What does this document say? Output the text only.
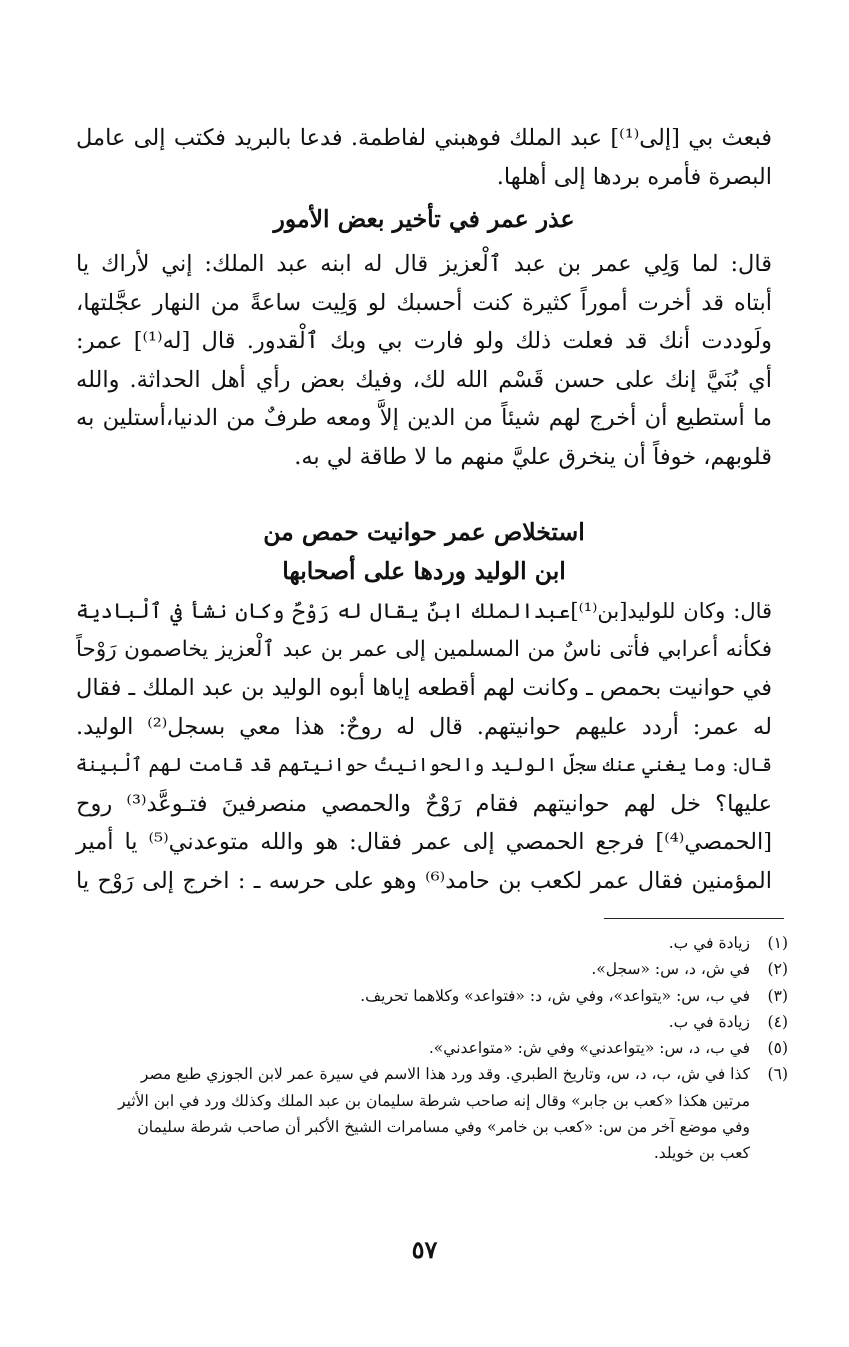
فبعث بي [إلى⁽¹⁾] عبد الملك فوهبني لفاطمة. فدعا بالبريد فكتب إلى عامل
البصرة فأمره بردها إلى أهلها.
عذر عمر في تأخير بعض الأمور
قال: لما وَلِي عمر بن عبد ٱلْعزيز قال له ابنه عبد الملك: إني لأراك يا
أبتاه قد أخرت أموراً كثيرة كنت أحسبك لو وَلِيت ساعةً من النهار عجَّلتها،
ولَوددت أنك قد فعلت ذلك ولو فارت بي وبك ٱلْقدور. قال [له⁽¹⁾] عمر:
أي بُنَيَّ إنك على حسن قَسْم الله لك، وفيك بعض رأي أهل الحداثة. والله
ما أستطيع أن أخرج لهم شيئاً من الدين إلاَّ ومعه طرفٌ من الدنيا،أستلين به
قلوبهم، خوفاً أن ينخرق عليَّ منهم ما لا طاقة لي به.
استخلاص عمر حوانيت حمص من
ابن الوليد وردها على أصحابها
قال: وكان للوليد[بن⁽¹⁾]عبدالملك ابنٌ يقال له رَوْحٌ وكان نشأ في ٱلْبادية
فكأنه أعرابي فأتى ناسٌ من المسلمين إلى عمر بن عبد ٱلْعزيز يخاصمون رَوْحاً
في حوانيت بحمص ـ وكانت لهم أقطعه إياها أبوه الوليد بن عبد الملك ـ فقال
له عمر: أردد عليهم حوانيتهم. قال له روحٌ: هذا معي بسجل⁽²⁾ الوليد.
قال: وما يغني عنك سجلّ الوليد والحوانيتُ حوانيتهم قد قامت لهم ٱلْبينة
عليها؟ خل لهم حوانيتهم فقام رَوْحٌ والحمصي منصرفينَ فتـوعَّد⁽³⁾ روح
[الحمصي⁽⁴⁾] فرجع الحمصي إلى عمر فقال: هو والله متوعدني⁽⁵⁾ يا أمير
المؤمنين فقال عمر لكعب بن حامد⁽⁶⁾ وهو على حرسه ـ : اخرج إلى رَوْح يا
(١)
زيادة في ب.
(٢)
في ش، د، س: «سجل».
(٣)
في ب، س: «يتواعد»، وفي ش، د: «فتواعد» وكلاهما تحريف.
(٤)
زيادة في ب.
(٥)
في ب، د، س: «يتواعدني» وفي ش: «متواعدني».
(٦)
كذا في ش، ب، د، س، وتاريخ الطبري. وقد ورد هذا الاسم في سيرة عمر لابن الجوزي طبع مصر
مرتين هكذا «كعب بن جابر» وقال إنه صاحب شرطة سليمان بن عبد الملك وكذلك ورد في ابن الأثير
وفي موضع آخر من س: «كعب بن خامر» وفي مسامرات الشيخ الأكبر أن صاحب شرطة سليمان
كعب بن خويلد.
٥٧
